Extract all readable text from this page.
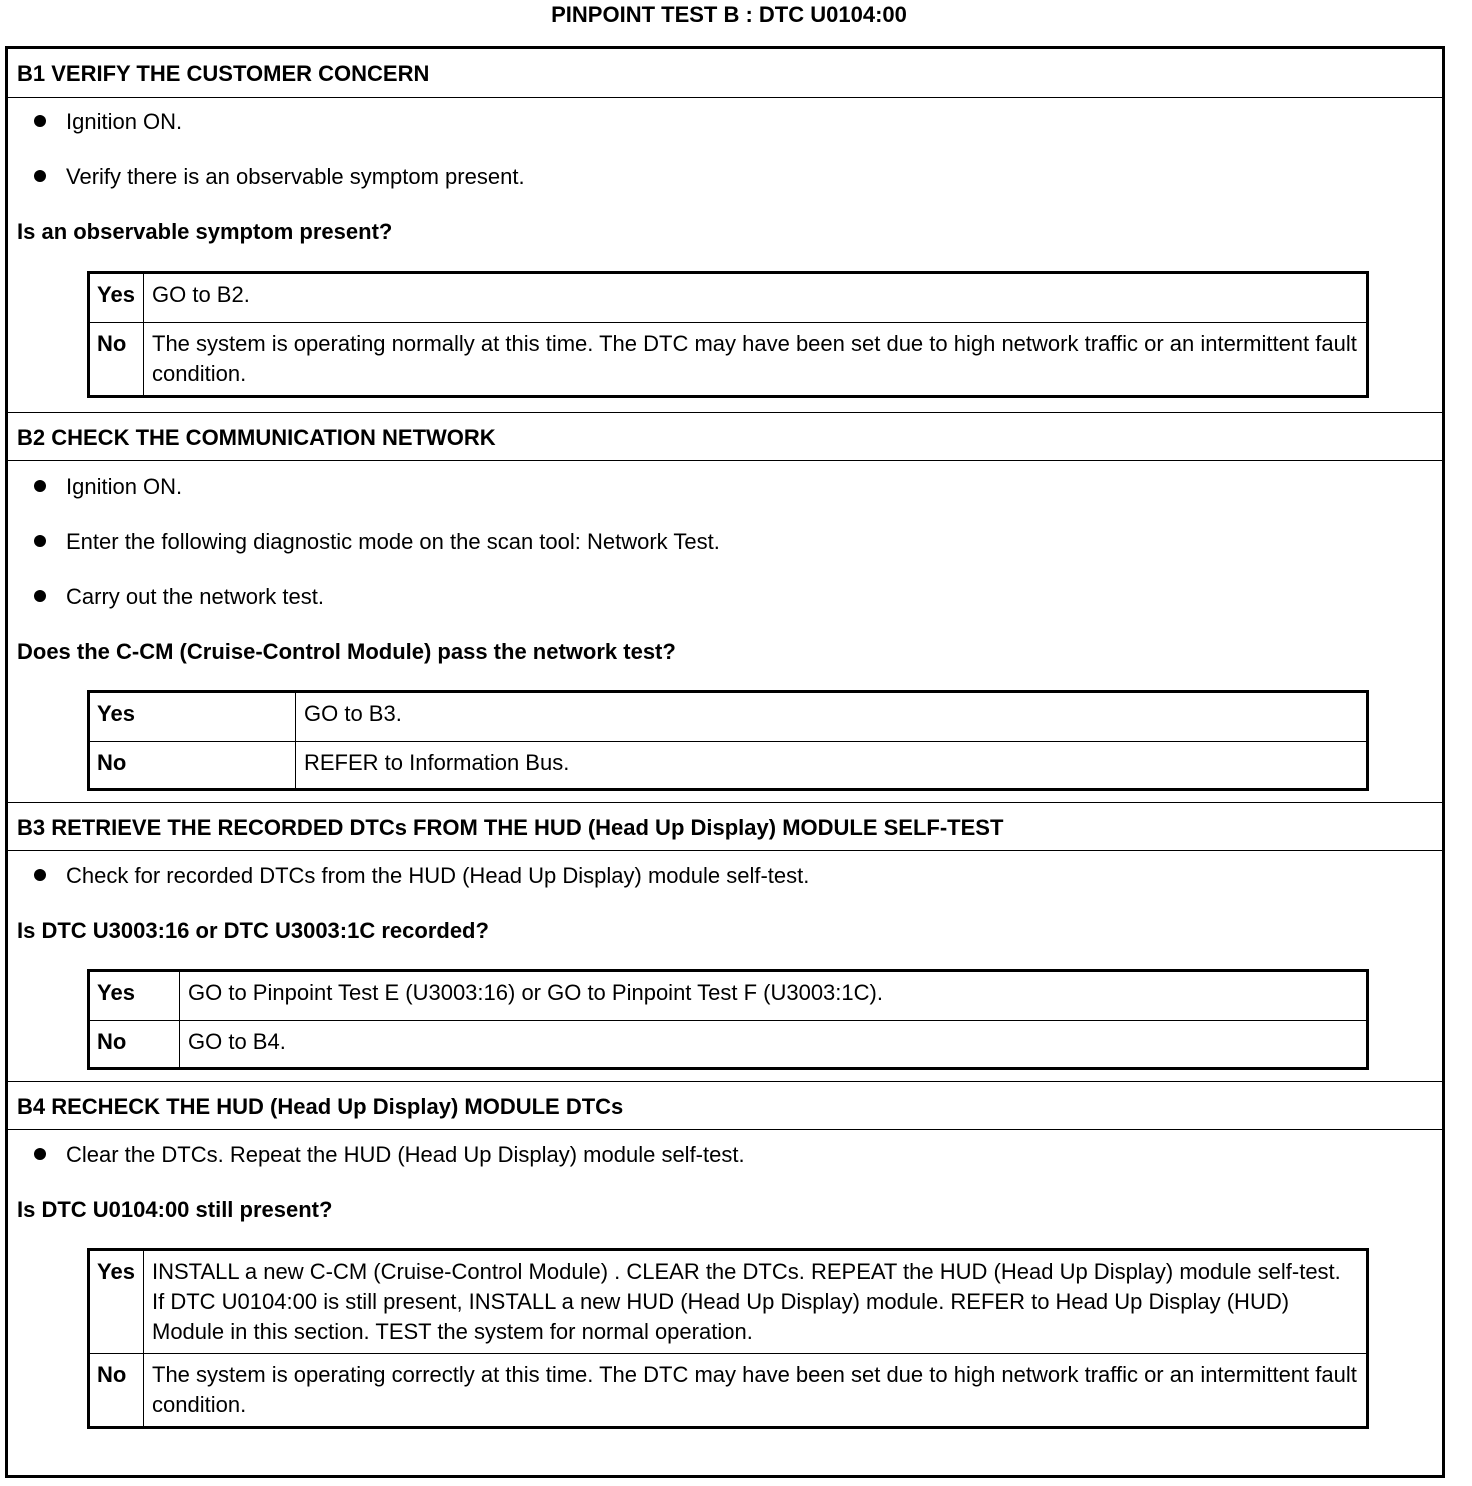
PINPOINT TEST B : DTC U0104:00
B1 VERIFY THE CUSTOMER CONCERN
Ignition ON.
Verify there is an observable symptom present.
Is an observable symptom present?
Yes	GO to B2.
No	The system is operating normally at this time. The DTC may have been set due to high network traffic or an intermittent fault condition.
B2 CHECK THE COMMUNICATION NETWORK
Ignition ON.
Enter the following diagnostic mode on the scan tool: Network Test.
Carry out the network test.
Does the C-CM (Cruise-Control Module) pass the network test?
Yes	GO to B3.
No	REFER to Information Bus.
B3 RETRIEVE THE RECORDED DTCs FROM THE HUD (Head Up Display) MODULE SELF-TEST
Check for recorded DTCs from the HUD (Head Up Display) module self-test.
Is DTC U3003:16 or DTC U3003:1C recorded?
Yes	GO to Pinpoint Test E (U3003:16) or GO to Pinpoint Test F (U3003:1C).
No	GO to B4.
B4 RECHECK THE HUD (Head Up Display) MODULE DTCs
Clear the DTCs. Repeat the HUD (Head Up Display) module self-test.
Is DTC U0104:00 still present?
Yes	INSTALL a new C-CM (Cruise-Control Module) . CLEAR the DTCs. REPEAT the HUD (Head Up Display) module self-test.
If DTC U0104:00 is still present, INSTALL a new HUD (Head Up Display) module. REFER to Head Up Display (HUD) Module in this section. TEST the system for normal operation.

No	The system is operating correctly at this time. The DTC may have been set due to high network traffic or an intermittent fault condition.
